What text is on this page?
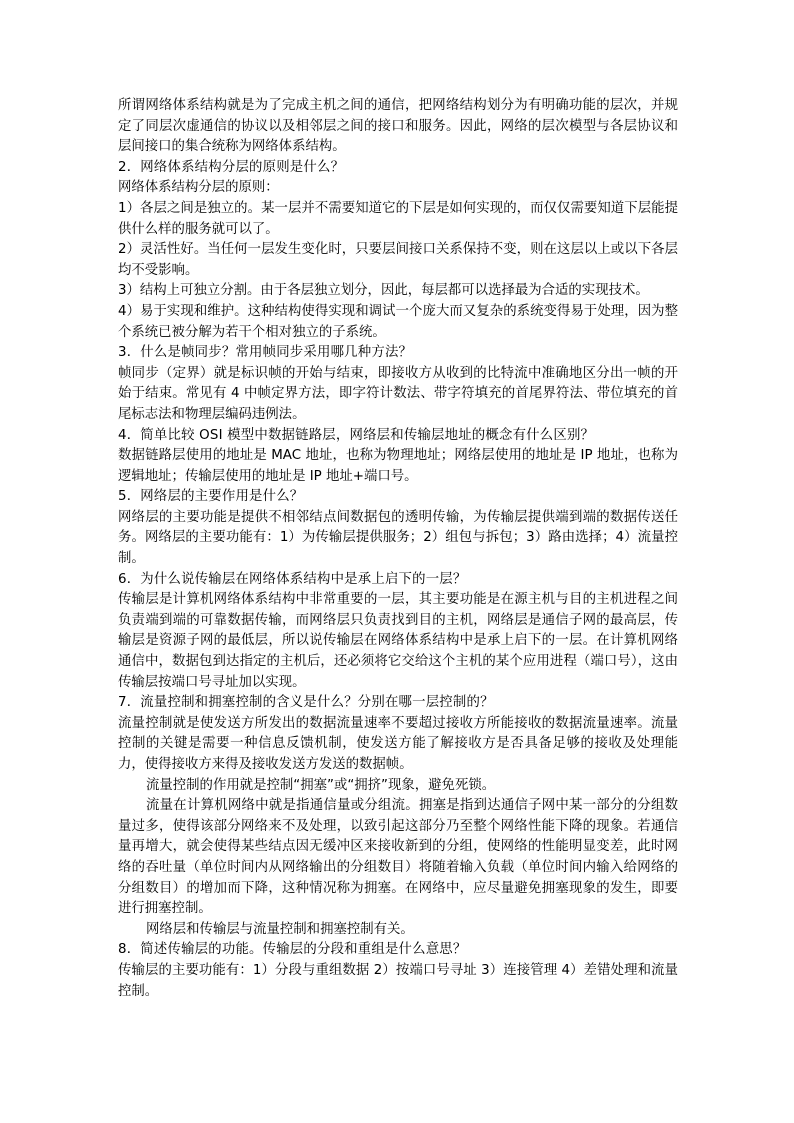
所谓网络体系结构就是为了完成主机之间的通信，把网络结构划分为有明确功能的层次，并规定了同层次虚通信的协议以及相邻层之间的接口和服务。因此，网络的层次模型与各层协议和层间接口的集合统称为网络体系结构。

2．网络体系结构分层的原则是什么？

网络体系结构分层的原则：

1）各层之间是独立的。某一层并不需要知道它的下层是如何实现的，而仅仅需要知道下层能提供什么样的服务就可以了。

2）灵活性好。当任何一层发生变化时，只要层间接口关系保持不变，则在这层以上或以下各层均不受影响。

3）结构上可独立分割。由于各层独立划分，因此，每层都可以选择最为合适的实现技术。

4）易于实现和维护。这种结构使得实现和调试一个庞大而又复杂的系统变得易于处理，因为整个系统已被分解为若干个相对独立的子系统。

3．什么是帧同步？常用帧同步采用哪几种方法？

帧同步（定界）就是标识帧的开始与结束，即接收方从收到的比特流中准确地区分出一帧的开始于结束。常见有 4 中帧定界方法，即字符计数法、带字符填充的首尾界符法、带位填充的首尾标志法和物理层编码违例法。

4．简单比较 OSI 模型中数据链路层，网络层和传输层地址的概念有什么区别？

数据链路层使用的地址是 MAC 地址，也称为物理地址；网络层使用的地址是 IP 地址，也称为逻辑地址；传输层使用的地址是 IP 地址+端口号。

5．网络层的主要作用是什么？

网络层的主要功能是提供不相邻结点间数据包的透明传输，为传输层提供端到端的数据传送任务。网络层的主要功能有：1）为传输层提供服务；2）组包与拆包；3）路由选择；4）流量控制。

6．为什么说传输层在网络体系结构中是承上启下的一层？

传输层是计算机网络体系结构中非常重要的一层，其主要功能是在源主机与目的主机进程之间负责端到端的可靠数据传输，而网络层只负责找到目的主机，网络层是通信子网的最高层，传输层是资源子网的最低层，所以说传输层在网络体系结构中是承上启下的一层。在计算机网络通信中，数据包到达指定的主机后，还必须将它交给这个主机的某个应用进程（端口号），这由传输层按端口号寻址加以实现。

7．流量控制和拥塞控制的含义是什么？分别在哪一层控制的？

流量控制就是使发送方所发出的数据流量速率不要超过接收方所能接收的数据流量速率。流量控制的关键是需要一种信息反馈机制，使发送方能了解接收方是否具备足够的接收及处理能力，使得接收方来得及接收发送方发送的数据帧。

流量控制的作用就是控制“拥塞”或“拥挤”现象，避免死锁。

流量在计算机网络中就是指通信量或分组流。拥塞是指到达通信子网中某一部分的分组数量过多，使得该部分网络来不及处理，以致引起这部分乃至整个网络性能下降的现象。若通信量再增大，就会使得某些结点因无缓冲区来接收新到的分组，使网络的性能明显变差，此时网络的吞吐量（单位时间内从网络输出的分组数目）将随着输入负载（单位时间内输入给网络的分组数目）的增加而下降，这种情况称为拥塞。在网络中，应尽量避免拥塞现象的发生，即要进行拥塞控制。

网络层和传输层与流量控制和拥塞控制有关。

8．简述传输层的功能。传输层的分段和重组是什么意思？

传输层的主要功能有：1）分段与重组数据 2）按端口号寻址 3）连接管理 4）差错处理和流量控制。
